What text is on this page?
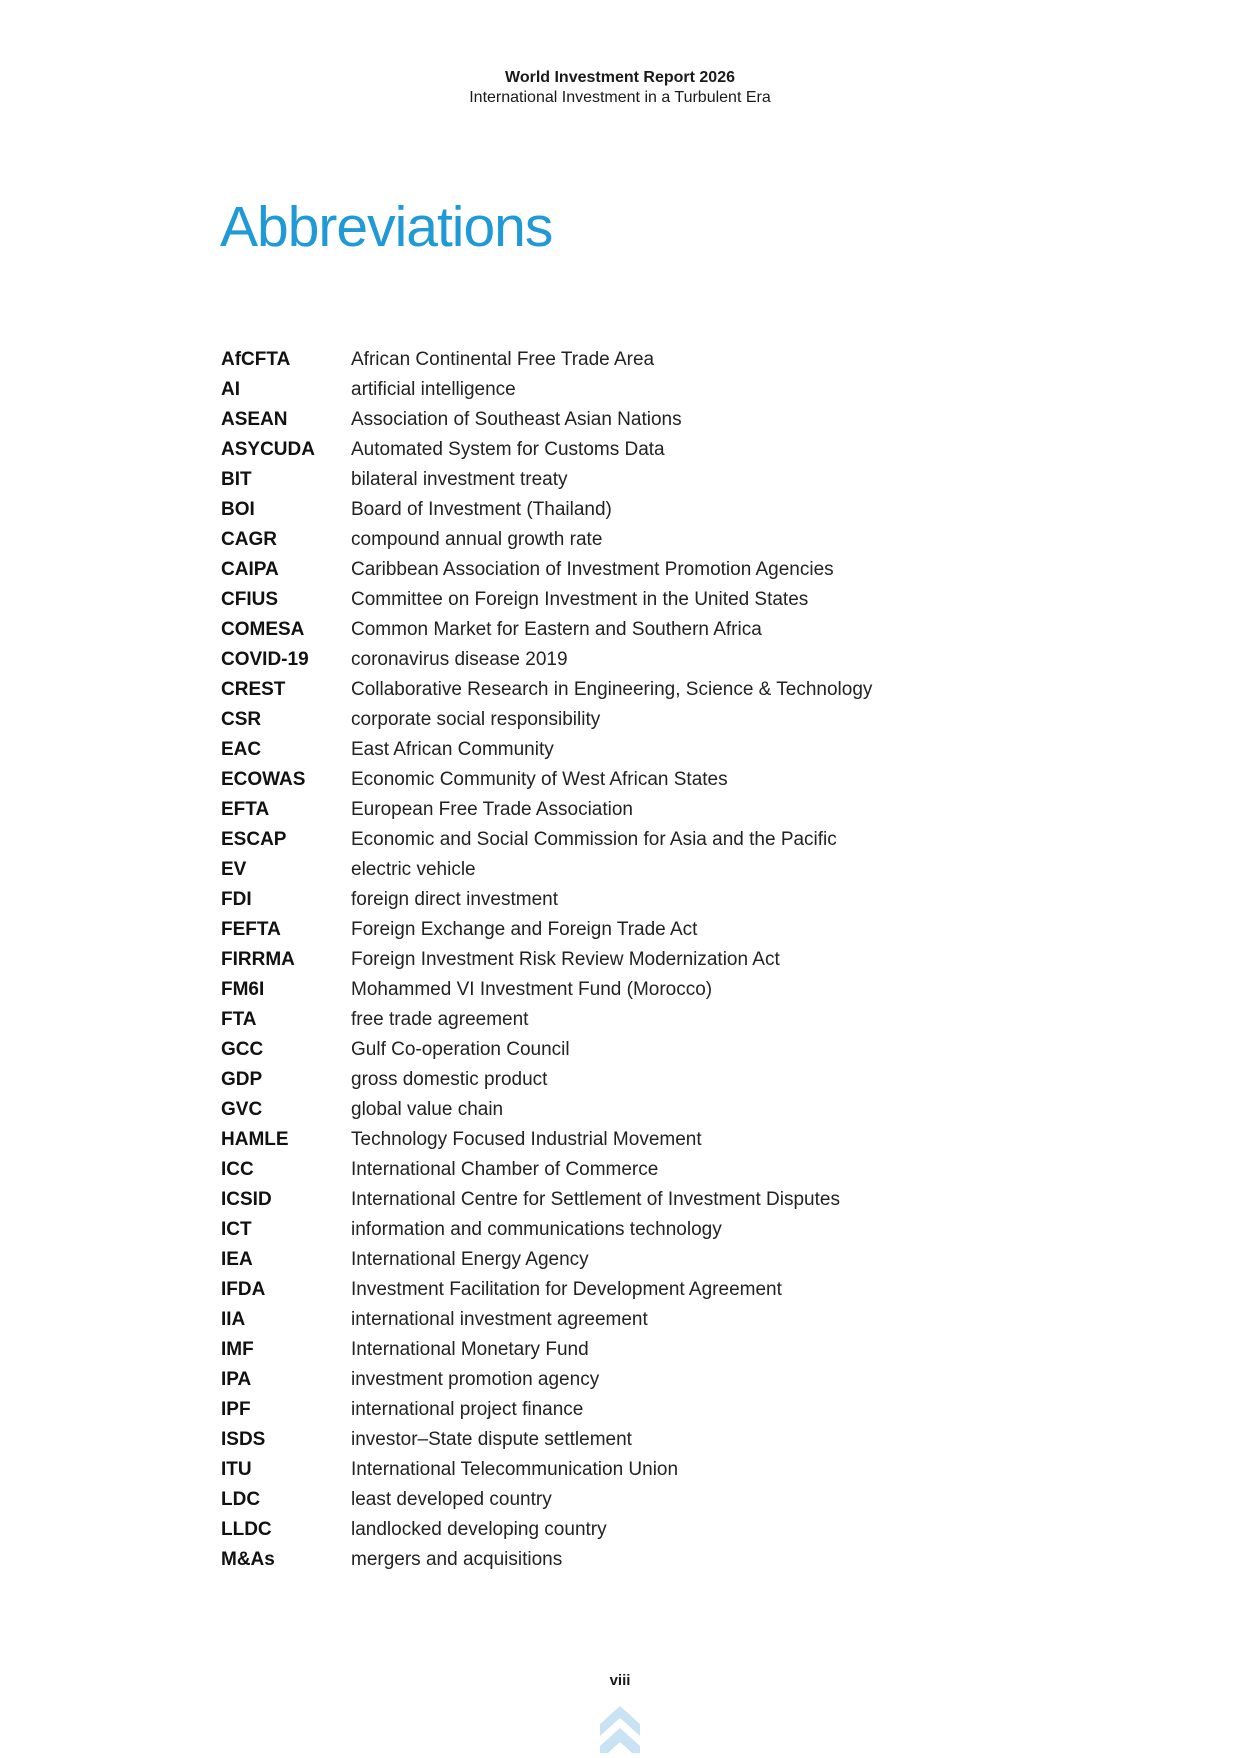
World Investment Report 2026
International Investment in a Turbulent Era
Abbreviations
AfCFTA	African Continental Free Trade Area
AI	artificial intelligence
ASEAN	Association of Southeast Asian Nations
ASYCUDA	Automated System for Customs Data
BIT	bilateral investment treaty
BOI	Board of Investment (Thailand)
CAGR	compound annual growth rate
CAIPA	Caribbean Association of Investment Promotion Agencies
CFIUS	Committee on Foreign Investment in the United States
COMESA	Common Market for Eastern and Southern Africa
COVID-19	coronavirus disease 2019
CREST	Collaborative Research in Engineering, Science & Technology
CSR	corporate social responsibility
EAC	East African Community
ECOWAS	Economic Community of West African States
EFTA	European Free Trade Association
ESCAP	Economic and Social Commission for Asia and the Pacific
EV	electric vehicle
FDI	foreign direct investment
FEFTA	Foreign Exchange and Foreign Trade Act
FIRRMA	Foreign Investment Risk Review Modernization Act
FM6I	Mohammed VI Investment Fund (Morocco)
FTA	free trade agreement
GCC	Gulf Co-operation Council
GDP	gross domestic product
GVC	global value chain
HAMLE	Technology Focused Industrial Movement
ICC	International Chamber of Commerce
ICSID	International Centre for Settlement of Investment Disputes
ICT	information and communications technology
IEA	International Energy Agency
IFDA	Investment Facilitation for Development Agreement
IIA	international investment agreement
IMF	International Monetary Fund
IPA	investment promotion agency
IPF	international project finance
ISDS	investor–State dispute settlement
ITU	International Telecommunication Union
LDC	least developed country
LLDC	landlocked developing country
M&As	mergers and acquisitions
viii
